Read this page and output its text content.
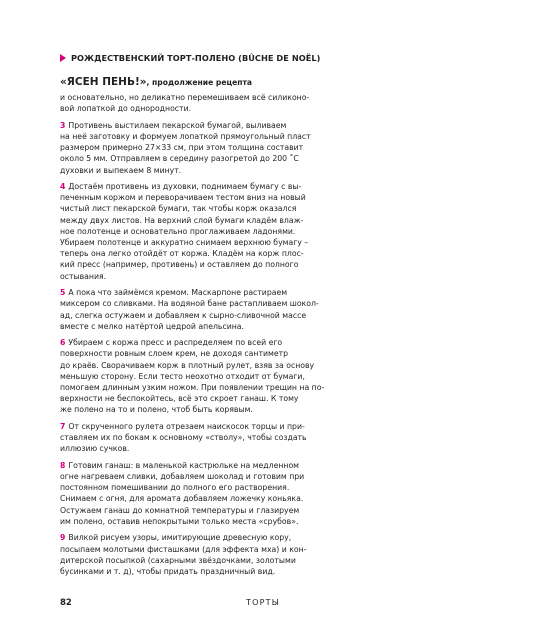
РОЖДЕСТВЕНСКИЙ ТОРТ-ПОЛЕНО (BÛCHE DE NOËL)
«ЯСЕН ПЕНЬ!», продолжение рецепта
и основательно, но деликатно перемешиваем всё силиконо-
вой лопаткой до однородности.
3 Противень выстилаем пекарской бумагой, выливаем
на неё заготовку и формуем лопаткой прямоугольный пласт
размером примерно 27×33 см, при этом толщина составит
около 5 мм. Отправляем в середину разогретой до 200 ˚С
духовки и выпекаем 8 минут.
4 Достаём противень из духовки, поднимаем бумагу с вы-
печенным коржом и переворачиваем тестом вниз на новый
чистый лист пекарской бумаги, так чтобы корж оказался
между двух листов. На верхний слой бумаги кладём влаж-
ное полотенце и основательно проглаживаем ладонями.
Убираем полотенце и аккуратно снимаем верхнюю бумагу –
теперь она легко отойдёт от коржа. Кладём на корж плос-
кий пресс (например, противень) и оставляем до полного
остывания.
5 А пока что займёмся кремом. Маскарпоне растираем
миксером со сливками. На водяной бане растапливаем шокол-
ад, слегка остужаем и добавляем к сырно-сливочной массе
вместе с мелко натёртой цедрой апельсина.
6 Убираем с коржа пресс и распределяем по всей его
поверхности ровным слоем крем, не доходя сантиметр
до краёв. Сворачиваем корж в плотный рулет, взяв за основу
меньшую сторону. Если тесто неохотно отходит от бумаги,
помогаем длинным узким ножом. При появлении трещин на по-
верхности не беспокойтесь, всё это скроет ганаш. К тому
же полено на то и полено, чтоб быть корявым.
7 От скрученного рулета отрезаем наискосок торцы и при-
ставляем их по бокам к основному «стволу», чтобы создать
иллюзию сучков.
8 Готовим ганаш: в маленькой кастрюльке на медленном
огне нагреваем сливки, добавляем шоколад и готовим при
постоянном помешивании до полного его растворения.
Снимаем с огня, для аромата добавляем ложечку коньяка.
Остужаем ганаш до комнатной температуры и глазируем
им полено, оставив непокрытыми только места «срубов».
9 Вилкой рисуем узоры, имитирующие древесную кору,
посыпаем молотыми фисташками (для эффекта мха) и кон-
дитерской посыпкой (сахарными звёздочками, золотыми
бусинками и т. д), чтобы придать праздничный вид.
82	ТОРТЫ
